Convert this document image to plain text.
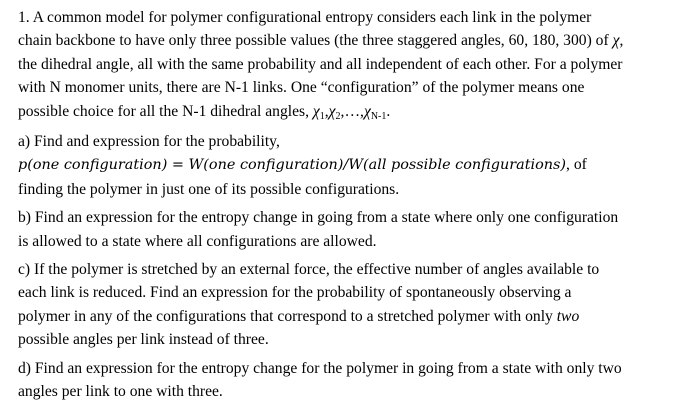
1. A common model for polymer configurational entropy considers each link in the polymer
chain backbone to have only three possible values (the three staggered angles, 60, 180, 300) of χ,
the dihedral angle, all with the same probability and all independent of each other. For a polymer
with N monomer units, there are N-1 links. One “configuration” of the polymer means one
possible choice for all the N-1 dihedral angles, χ1,χ2,…,χN-1.
a) Find and expression for the probability,
p(one configuration) = W(one configuration)/W(all possible configurations), of
finding the polymer in just one of its possible configurations.
b) Find an expression for the entropy change in going from a state where only one configuration
is allowed to a state where all configurations are allowed.
c) If the polymer is stretched by an external force, the effective number of angles available to
each link is reduced. Find an expression for the probability of spontaneously observing a
polymer in any of the configurations that correspond to a stretched polymer with only two
possible angles per link instead of three.
d) Find an expression for the entropy change for the polymer in going from a state with only two
angles per link to one with three.
